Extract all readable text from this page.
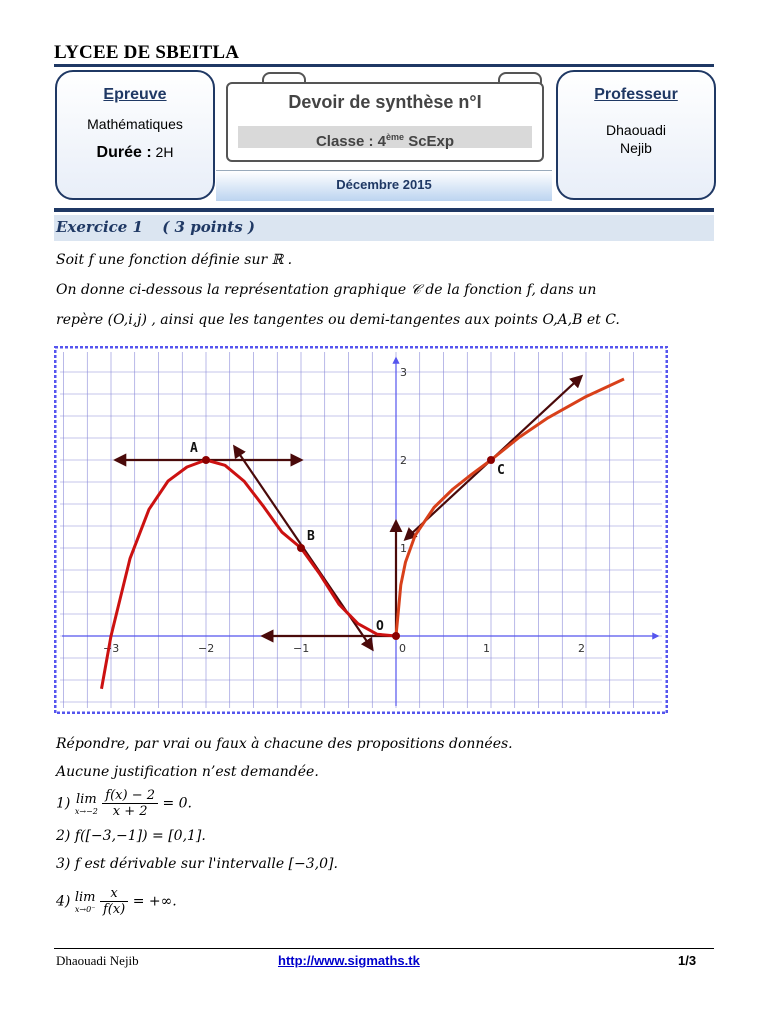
LYCEE DE SBEITLA
Epreuve
Mathématiques
Durée : 2H
Devoir de synthèse n°I
Classe : 4ème ScExp
Décembre 2015
Professeur
Dhaouadi
Nejib
Exercice 1 ( 3 points )
Soit f une fonction définie sur ℝ .
On donne ci-dessous la représentation graphique 𝒞 de la fonction f, dans un
repère (O,i,j) , ainsi que les tangentes ou demi-tangentes aux points O,A,B et C.
−3	−2	−1	0	1	2
1
2
3
A
B
O
C
Répondre, par vrai ou faux à chacune des propositions données.
Aucune justification n’est demandée.
1) lim
x→−2
$\frac{f(x) - 2}{x + 2} = 0$.
2) f([−3,−1]) = [0,1].
3) f est dérivable sur l'intervalle [−3,0].
4) lim
x→0⁻
$\frac{x}{f(x)}$ = +∞.
Dhaouadi Nejib	http://www.sigmaths.tk	1/3
